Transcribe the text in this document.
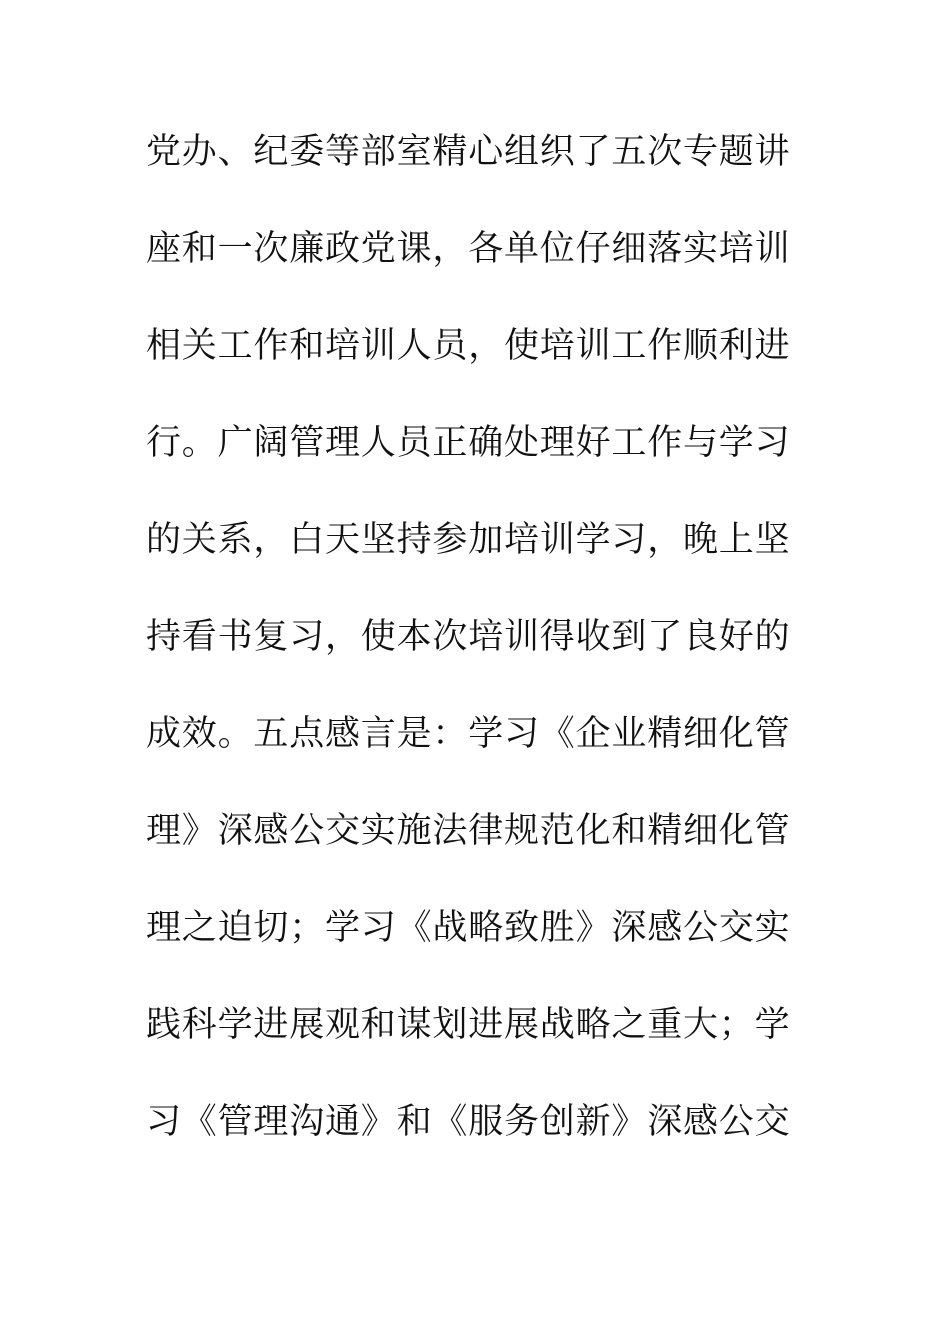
党办、纪委等部室精心组织了五次专题讲
座和一次廉政党课，各单位仔细落实培训
相关工作和培训人员，使培训工作顺利进
行。广阔管理人员正确处理好工作与学习
的关系，白天坚持参加培训学习，晚上坚
持看书复习，使本次培训得收到了良好的
成效。五点感言是：学习《企业精细化管
理》深感公交实施法律规范化和精细化管
理之迫切；学习《战略致胜》深感公交实
践科学进展观和谋划进展战略之重大；学
习《管理沟通》和《服务创新》深感公交
